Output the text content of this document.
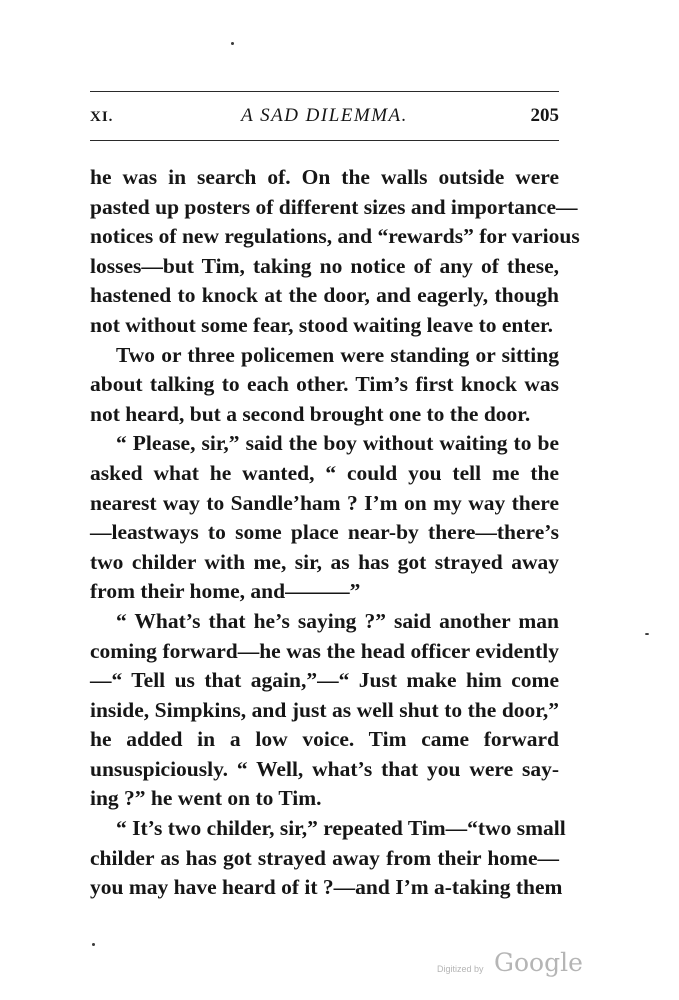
XI.	A SAD DILEMMA.	205
he was in search of. On the walls outside were
pasted up posters of different sizes and importance—
notices of new regulations, and “rewards” for various
losses—but Tim, taking no notice of any of these,
hastened to knock at the door, and eagerly, though
not without some fear, stood waiting leave to enter.
Two or three policemen were standing or sitting
about talking to each other. Tim’s first knock was
not heard, but a second brought one to the door.
“ Please, sir,” said the boy without waiting to be
asked what he wanted, “ could you tell me the
nearest way to Sandle’ham ? I’m on my way there
—leastways to some place near-by there—there’s
two childer with me, sir, as has got strayed away
from their home, and———”
“ What’s that he’s saying ?” said another man
coming forward—he was the head officer evidently
—“ Tell us that again,”—“ Just make him come
inside, Simpkins, and just as well shut to the door,”
he added in a low voice. Tim came forward
unsuspiciously. “ Well, what’s that you were say-
ing ?” he went on to Tim.
“ It’s two childer, sir,” repeated Tim—“two small
childer as has got strayed away from their home—
you may have heard of it ?—and I’m a-taking them
Digitized by Google
